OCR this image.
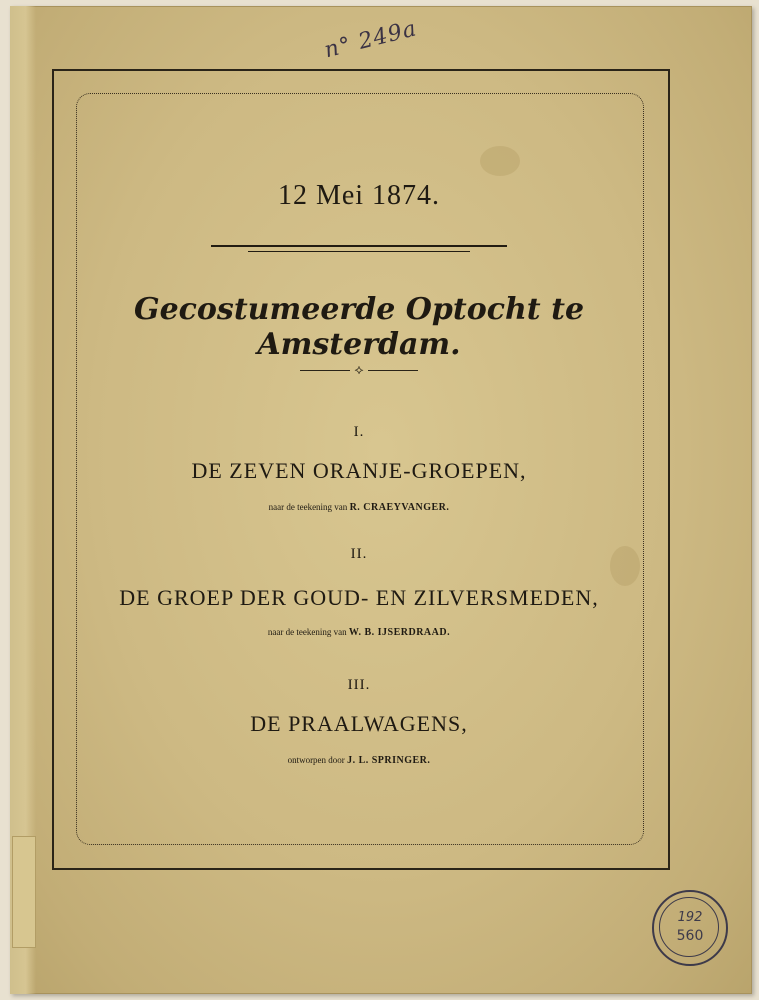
n° 249a
12 Mei 1874.
Gecostumeerde Optocht te Amsterdam.
⟡
I.
DE ZEVEN ORANJE-GROEPEN,
naar de teekening van R. CRAEYVANGER.
II.
DE GROEP DER GOUD- EN ZILVERSMEDEN,
naar de teekening van W. B. IJSERDRAAD.
III.
DE PRAALWAGENS,
ontworpen door J. L. SPRINGER.
192
560
